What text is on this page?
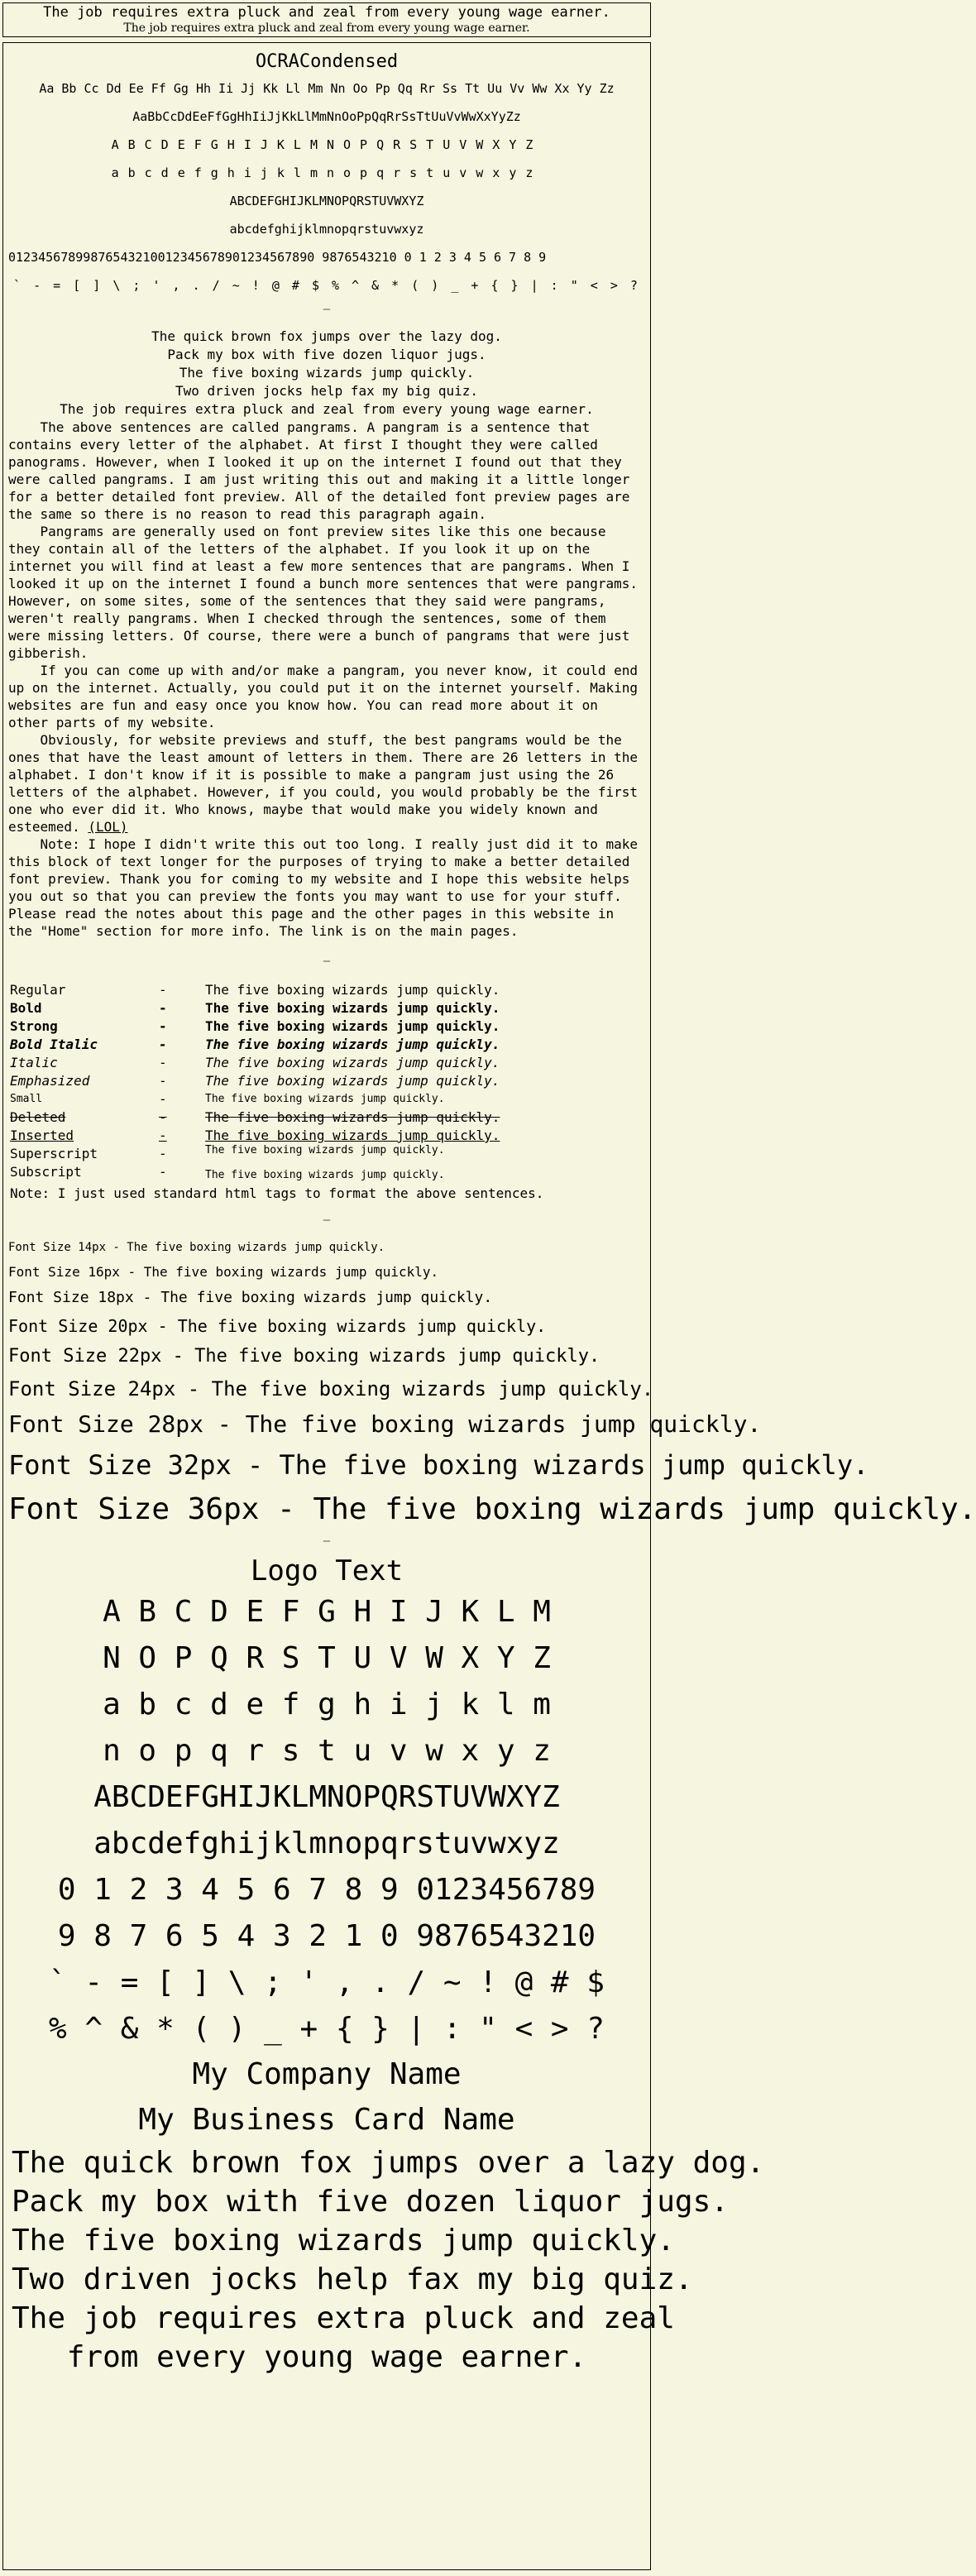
The job requires extra pluck and zeal from every young wage earner.
The job requires extra pluck and zeal from every young wage earner.
OCRACondensed
Aa Bb Cc Dd Ee Ff Gg Hh Ii Jj Kk Ll Mm Nn Oo Pp Qq Rr Ss Tt Uu Vv Ww Xx Yy Zz
AaBbCcDdEeFfGgHhIiJjKkLlMmNnOoPpQqRrSsTtUuVvWwXxYyZz
ABCDEFGHIJKLMNOPQRSTUVWXYZ
abcdefghijklmnopqrstuvwxyz
ABCDEFGHIJKLMNOPQRSTUVWXYZ
abcdefghijklmnopqrstuvwxyz
01234567899876543210012345678901234567890 9876543210 0 1 2 3 4 5 6 7 8 9
` - = [ ] \ ; ' , . / ~ ! @ # $ % ^ & * ( ) _ + { } | : " < > ?
—
The quick brown fox jumps over the lazy dog.
Pack my box with five dozen liquor jugs.
The five boxing wizards jump quickly.
Two driven jocks help fax my big quiz.
The job requires extra pluck and zeal from every young wage earner.
The above sentences are called pangrams. A pangram is a sentence that contains every letter of the alphabet. At first I thought they were called panograms. However, when I looked it up on the internet I found out that they were called pangrams. I am just writing this out and making it a little longer for a better detailed font preview. All of the detailed font preview pages are the same so there is no reason to read this paragraph again.
Pangrams are generally used on font preview sites like this one because they contain all of the letters of the alphabet. If you look it up on the internet you will find at least a few more sentences that are pangrams. When I looked it up on the internet I found a bunch more sentences that were pangrams. However, on some sites, some of the sentences that they said were pangrams, weren't really pangrams. When I checked through the sentences, some of them were missing letters. Of course, there were a bunch of pangrams that were just gibberish.
If you can come up with and/or make a pangram, you never know, it could end up on the internet. Actually, you could put it on the internet yourself. Making websites are fun and easy once you know how. You can read more about it on other parts of my website.
Obviously, for website previews and stuff, the best pangrams would be the ones that have the least amount of letters in them. There are 26 letters in the alphabet. I don't know if it is possible to make a pangram just using the 26 letters of the alphabet. However, if you could, you would probably be the first one who ever did it. Who knows, maybe that would make you widely known and esteemed. (LOL)
Note: I hope I didn't write this out too long. I really just did it to make this block of text longer for the purposes of trying to make a better detailed font preview. Thank you for coming to my website and I hope this website helps you out so that you can preview the fonts you may want to use for your stuff. Please read the notes about this page and the other pages in this website in the "Home" section for more info. The link is on the main pages.
—
Regular	-	The five boxing wizards jump quickly.
Bold	-	The five boxing wizards jump quickly.
Strong	-	The five boxing wizards jump quickly.
Bold Italic	-	The five boxing wizards jump quickly.
Italic	-	The five boxing wizards jump quickly.
Emphasized	-	The five boxing wizards jump quickly.
Small	-	The five boxing wizards jump quickly.
Deleted	-	The five boxing wizards jump quickly.
Inserted	-	The five boxing wizards jump quickly.
Superscript	-	The five boxing wizards jump quickly.
Subscript	-	The five boxing wizards jump quickly.
Note: I just used standard html tags to format the above sentences.
—
Font Size 14px - The five boxing wizards jump quickly.
Font Size 16px - The five boxing wizards jump quickly.
Font Size 18px - The five boxing wizards jump quickly.
Font Size 20px - The five boxing wizards jump quickly.
Font Size 22px - The five boxing wizards jump quickly.
Font Size 24px - The five boxing wizards jump quickly.
Font Size 28px - The five boxing wizards jump quickly.
Font Size 32px - The five boxing wizards jump quickly.
Font Size 36px - The five boxing wizards jump quickly.
—
Logo Text
A B C D E F G H I J K L M
N O P Q R S T U V W X Y Z
a b c d e f g h i j k l m
n o p q r s t u v w x y z
ABCDEFGHIJKLMNOPQRSTUVWXYZ
abcdefghijklmnopqrstuvwxyz
0 1 2 3 4 5 6 7 8 9 0123456789
9 8 7 6 5 4 3 2 1 0 9876543210
` - = [ ] \ ; ' , . / ~ ! @ # $
% ^ & * ( ) _ + { } | : " < > ?
My Company Name
My Business Card Name
The quick brown fox jumps over a lazy dog.
Pack my box with five dozen liquor jugs.
The five boxing wizards jump quickly.
Two driven jocks help fax my big quiz.
The job requires extra pluck and zeal
from every young wage earner.
